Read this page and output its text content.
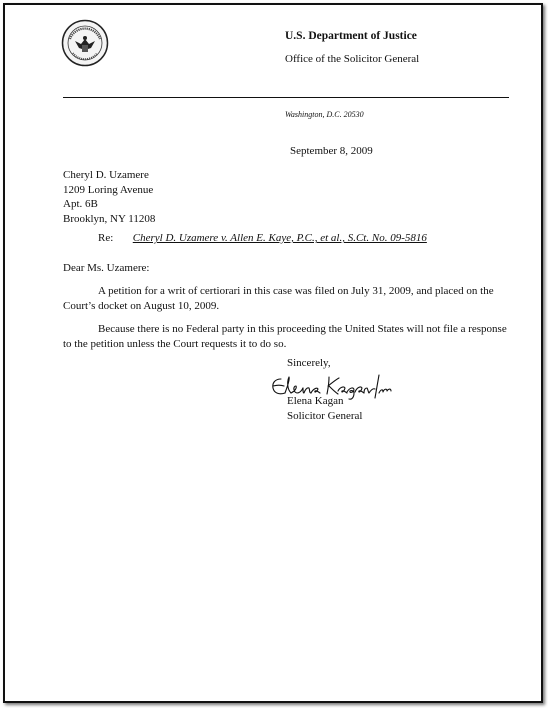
U.S. Department of Justice
Office of the Solicitor General
Washington, D.C. 20530
September 8, 2009
Cheryl D. Uzamere
1209 Loring Avenue
Apt. 6B
Brooklyn, NY 11208
Re: Cheryl D. Uzamere v. Allen E. Kaye, P.C., et al., S.Ct. No. 09-5816
Dear Ms. Uzamere:

A petition for a writ of certiorari in this case was filed on July 31, 2009, and placed on the Court’s docket on August 10, 2009.

Because there is no Federal party in this proceeding the United States will not file a response to the petition unless the Court requests it to do so.

Sincerely,
Elena Kagan
Solicitor General
